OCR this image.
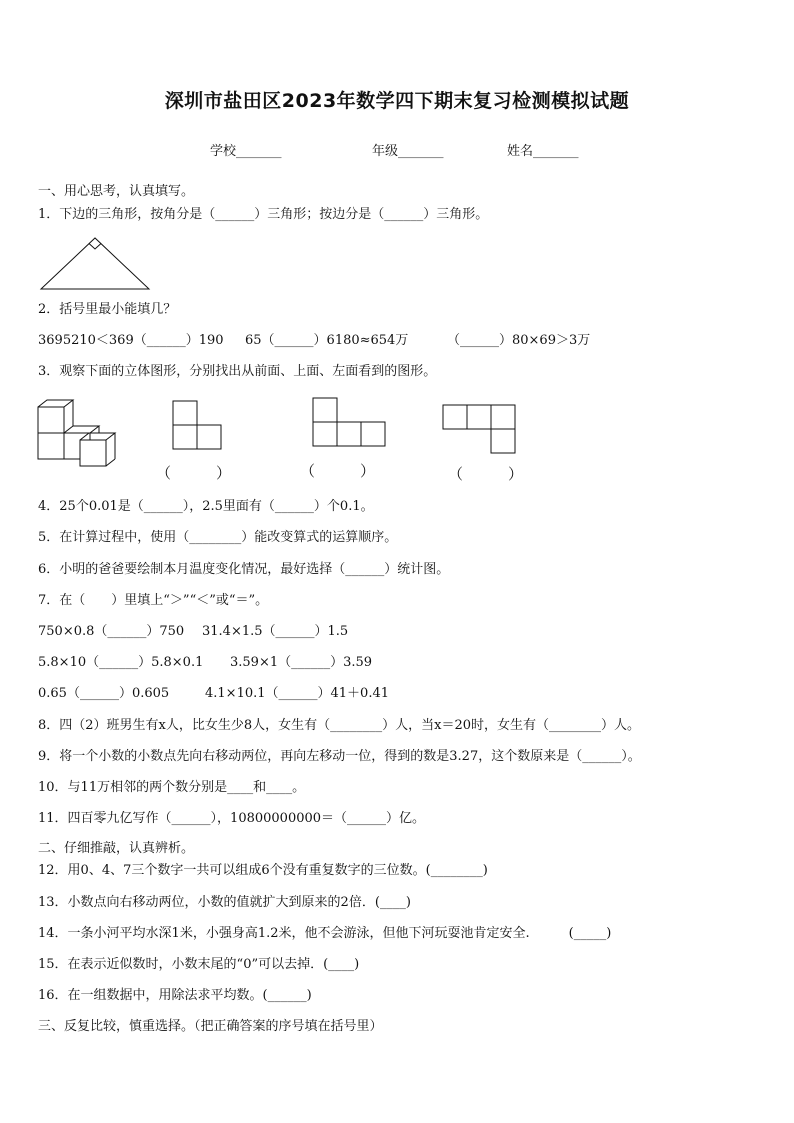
深圳市盐田区2023年数学四下期末复习检测模拟试题
学校_______	年级_______	姓名_______
一、用心思考，认真填写。
1．下边的三角形，按角分是（______）三角形；按边分是（______）三角形。
2．括号里最小能填几？
3695210＜369（______）190 65（______）6180≈654万	（______）80×69＞3万
3．观察下面的立体图形，分别找出从前面、上面、左面看到的图形。
（　　　）	（　　　）	（　　　）
4．25个0.01是（______），2.5里面有（______）个0.1。
5．在计算过程中，使用（________）能改变算式的运算顺序。
6．小明的爸爸要绘制本月温度变化情况，最好选择（______）统计图。
7．在（　　）里填上“＞”“＜”或“＝”。
750×0.8（______）750 31.4×1.5（______）1.5
5.8×10（______）5.8×0.1 3.59×1（______）3.59
0.65（______）0.605	4.1×10.1（______）41＋0.41
8．四（2）班男生有x人，比女生少8人，女生有（________）人，当x＝20时，女生有（________）人。
9．将一个小数的小数点先向右移动两位，再向左移动一位，得到的数是3.27，这个数原来是（______）。
10．与11万相邻的两个数分别是____和____。
11．四百零九亿写作（______），10800000000＝（______）亿。
二、仔细推敲，认真辨析。
12．用0、4、7三个数字一共可以组成6个没有重复数字的三位数。(________)
13．小数点向右移动两位，小数的值就扩大到原来的2倍．(____)
14．一条小河平均水深1米，小强身高1.2米，他不会游泳，但他下河玩耍池肯定安全.　　　(_____)
15．在表示近似数时，小数末尾的“0”可以去掉．(____)
16．在一组数据中，用除法求平均数。(______)
三、反复比较，慎重选择。（把正确答案的序号填在括号里）
